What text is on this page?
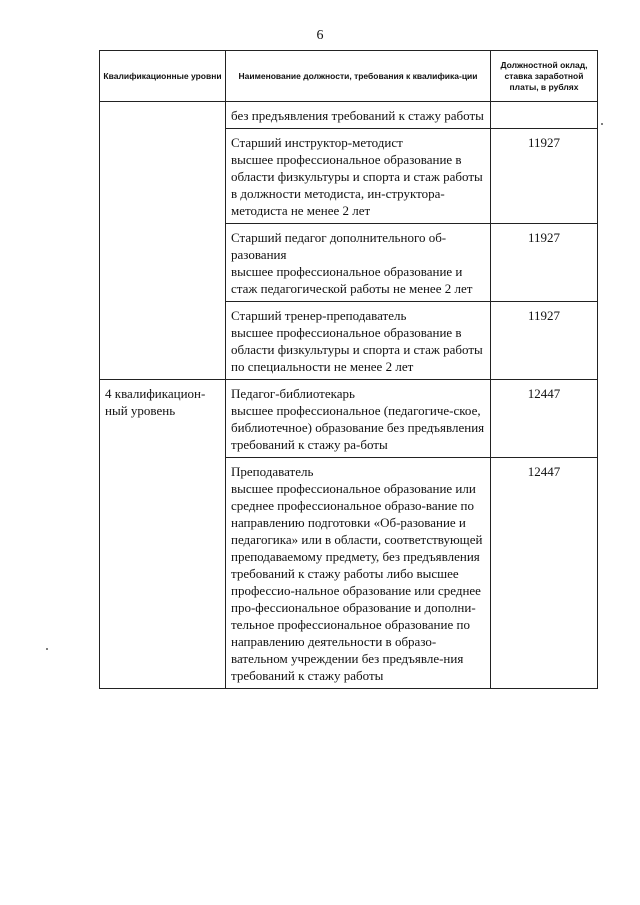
6
Квалификационные уровни	Наименование должности, требования к квалифика-ции	Должностной оклад, ставка заработной платы, в рублях

	без предъявления требований к стажу работы	

	Старший инструктор-методист
высшее профессиональное образование в области физкультуры и спорта и стаж работы в должности методиста, ин-структора-методиста не менее 2 лет	11927

	Старший педагог дополнительного об-разования
высшее профессиональное образование и стаж педагогической работы не менее 2 лет	11927

	Старший тренер-преподаватель
высшее профессиональное образование в области физкультуры и спорта и стаж работы по специальности не менее 2 лет	11927
4 квалификацион-ный уровень	Педагог-библиотекарь
высшее профессиональное (педагогиче-ское, библиотечное) образование без предъявления требований к стажу ра-боты	12447

	Преподаватель
высшее профессиональное образование или среднее профессиональное образо-вание по направлению подготовки «Об-разование и педагогика» или в области, соответствующей преподаваемому предмету, без предъявления требований к стажу работы либо высшее профессио-нальное образование или среднее про-фессиональное образование и дополни-тельное профессиональное образование по направлению деятельности в образо-вательном учреждении без предъявле-ния требований к стажу работы	12447
